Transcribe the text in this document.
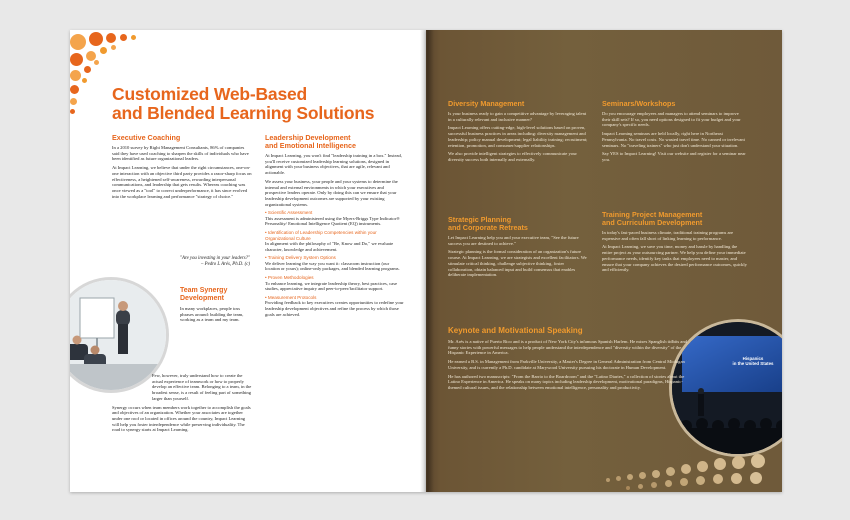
Customized Web-Based
and Blended Learning Solutions
Executive Coaching

In a 2010 survey by Right Management Consultants, 86% of companies said they have used coaching to sharpen the skills of individuals who have been identified as future organizational leaders.

At Impact Learning, we believe that under the right circumstances, one-on-one interaction with an objective third party provides a razor-sharp focus on effectiveness, a heightened self-awareness, rewarding interpersonal communications, and leadership that gets results. Whereas coaching was once viewed as a "tool" to correct underperformance, it has since evolved into the workplace learning and performance "strategy of choice."

"Are you investing in your leaders?"
– Pedro L Arés, Ph.D. (c)
Team Synergy
Development

In many workplaces, people toss phrases around: building the team, working as a team and my team.

Few, however, truly understand how to create the actual experience of teamwork or how to properly develop an effective team. Belonging to a team, in the broadest sense, is a result of feeling part of something larger than yourself.

Synergy occurs when team members work together to accomplish the goals and objectives of an organization. Whether your associates are together under one roof or located in offices around the country, Impact Learning will help you foster interdependence while preserving individuality. The road to synergy starts at Impact Learning.

Leadership Development
and Emotional Intelligence

At Impact Learning, you won't find "leadership training in a box." Instead, you'll receive customized leadership learning solutions, designed in alignment with your business objectives, that are agile, relevant and actionable.

We assess your business, your people and your systems to determine the internal and external environments in which your executives and prospective leaders operate. Only by doing this can we ensure that your leadership development outcomes are supported by your existing organizational systems.

• Scientific Assessment

This assessment is administered using the Myers-Briggs Type Indicator® Personality/ Emotional Intelligence Quotient (EQ) instruments.

• Identification of Leadership Competencies within your Organizational Culture

In alignment with the philosophy of "Be, Know and Do," we evaluate character, knowledge and achievement.

• Training Delivery System Options

We deliver learning the way you want it: classroom instruction (our location or yours); online-only packages, and blended learning programs.

• Proven Methodologies

To enhance learning, we integrate leadership theory, best practices, case studies, appreciative inquiry and peer-to-peer/facilitator support.

• Measurement Protocols

Providing feedback to key executives creates opportunities to redefine your leadership development objectives and refine the process by which those goals are achieved.

Diversity Management

Is your business ready to gain a competitive advantage by leveraging talent in a culturally relevant and inclusive manner?

Impact Learning offers cutting-edge, high-level solutions based on proven, successful business practices in areas including: diversity management and leadership; policy manual development; legal liability training; recruitment; retention, promotion, and consumer/supplier relationships.

We also provide intelligent strategies to effectively communicate your diversity success both internally and externally.

Strategic Planning
and Corporate Retreats

Let Impact Learning help you and your executive team, "See the future success you are destined to achieve."

Strategic planning is the formal consideration of an organization's future course. At Impact Learning, we are strategists and excellent facilitators. We stimulate critical thinking, challenge subjective thinking, foster collaboration, obtain balanced input and build consensus that enables deliberate implementation.

Seminars/Workshops

Do you encourage employees and managers to attend seminars to improve their skill sets? If so, you need options designed to fit your budget and your company's specific needs.

Impact Learning seminars are held locally, right here in Northeast Pennsylvania. No travel costs. No wasted travel time. No canned or irrelevant seminars. No "traveling trainers" who just don't understand your situation.

Say YES to Impact Learning! Visit our website and register for a seminar near you.

Training Project Management
and Curriculum Development

In today's fast-paced business climate, traditional training programs are expensive and often fall short of linking learning to performance.

At Impact Learning, we save you time, money and hassle by handling the entire project as your outsourcing partner. We help you define your immediate performance needs, identify key tasks that employees need to master, and ensure that your company achieves the desired performance outcomes, quickly and efficiently.

Hispanics
in the United States
Keynote and Motivational Speaking

Mr. Arés is a native of Puerto Rico and is a product of New York City's infamous Spanish Harlem. He mixes Spanglish tidbits and funny stories with powerful messages to help people understand the interdependence and "diversity within the diversity" of the Hispanic Experience in America.

He earned a B.S. in Management from Parkville University, a Master's Degree in General Administration from Central Michigan University, and is currently a Ph.D. candidate at Marywood University pursuing his doctorate in Human Development.

He has authored two manuscripts: "From the Barrio to the Boardroom" and the "Latino Diaries," a collection of stories about the Latino Experience in America. He speaks on many topics including leadership development, motivational paradigms, Hispanic-themed cultural issues, and the relationship between emotional intelligence, personality and productivity.
